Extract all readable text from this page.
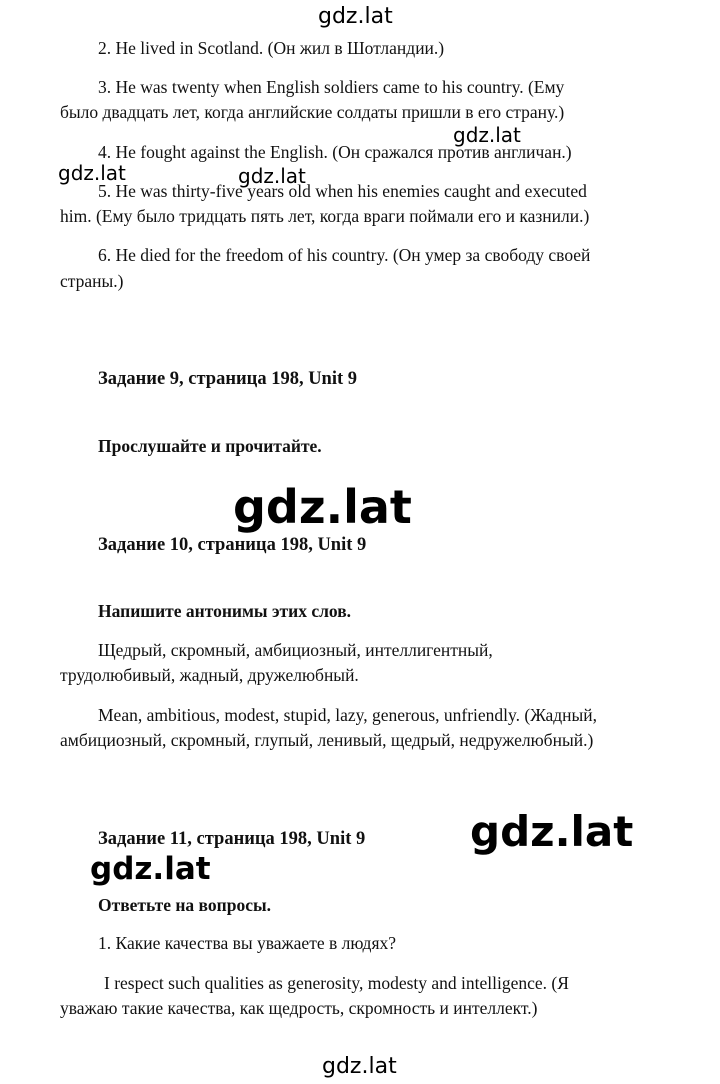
gdz.lat
gdz.lat
gdz.lat	gdz.lat
gdz.lat
gdz.lat
gdz.lat
gdz.lat
2. He lived in Scotland. (Он жил в Шотландии.)
3. He was twenty when English soldiers came to his country. (Ему
было двадцать лет, когда английские солдаты пришли в его страну.)
4. He fought against the English. (Он сражался против англичан.)
5. He was thirty-five years old when his enemies caught and executed
him. (Ему было тридцать пять лет, когда враги поймали его и казнили.)
6. He died for the freedom of his country. (Он умер за свободу своей
страны.)
Задание 9, страница 198, Unit 9
Прослушайте и прочитайте.
Задание 10, страница 198, Unit 9
Напишите антонимы этих слов.
Щедрый, скромный, амбициозный, интеллигентный,
трудолюбивый, жадный, дружелюбный.
Mean, ambitious, modest, stupid, lazy, generous, unfriendly. (Жадный,
амбициозный, скромный, глупый, ленивый, щедрый, недружелюбный.)
Задание 11, страница 198, Unit 9
Ответьте на вопросы.
1. Какие качества вы уважаете в людях?
I respect such qualities as generosity, modesty and intelligence. (Я
уважаю такие качества, как щедрость, скромность и интеллект.)
